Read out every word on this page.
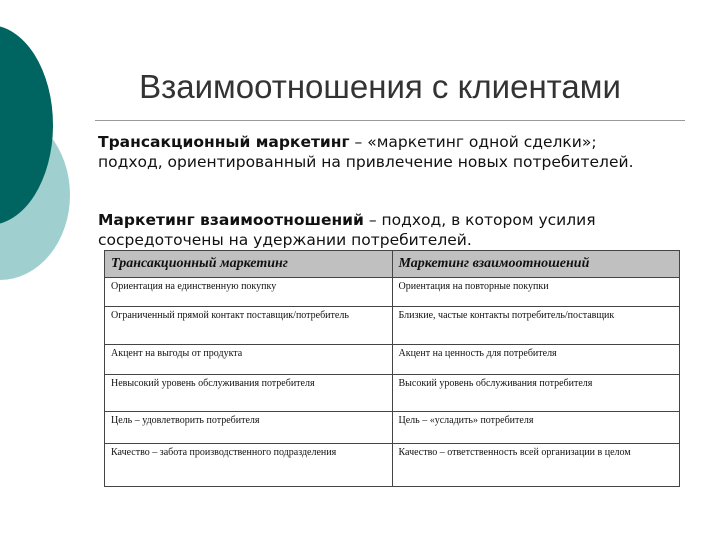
Взаимоотношения с клиентами
Трансакционный маркетинг – «маркетинг одной сделки»; подход, ориентированный на привлечение новых потребителей.
Маркетинг взаимоотношений – подход, в котором усилия сосредоточены на удержании потребителей.
Трансакционный маркетинг	Маркетинг взаимоотношений
Ориентация на единственную покупку	Ориентация на повторные покупки
Ограниченный прямой контакт поставщик/потребитель	Близкие, частые контакты потребитель/поставщик
Акцент на выгоды от продукта	Акцент на ценность для потребителя
Невысокий уровень обслуживания потребителя	Высокий уровень обслуживания потребителя
Цель – удовлетворить потребителя	Цель – «усладить» потребителя
Качество – забота производственного подразделения	Качество – ответственность всей организации в целом
